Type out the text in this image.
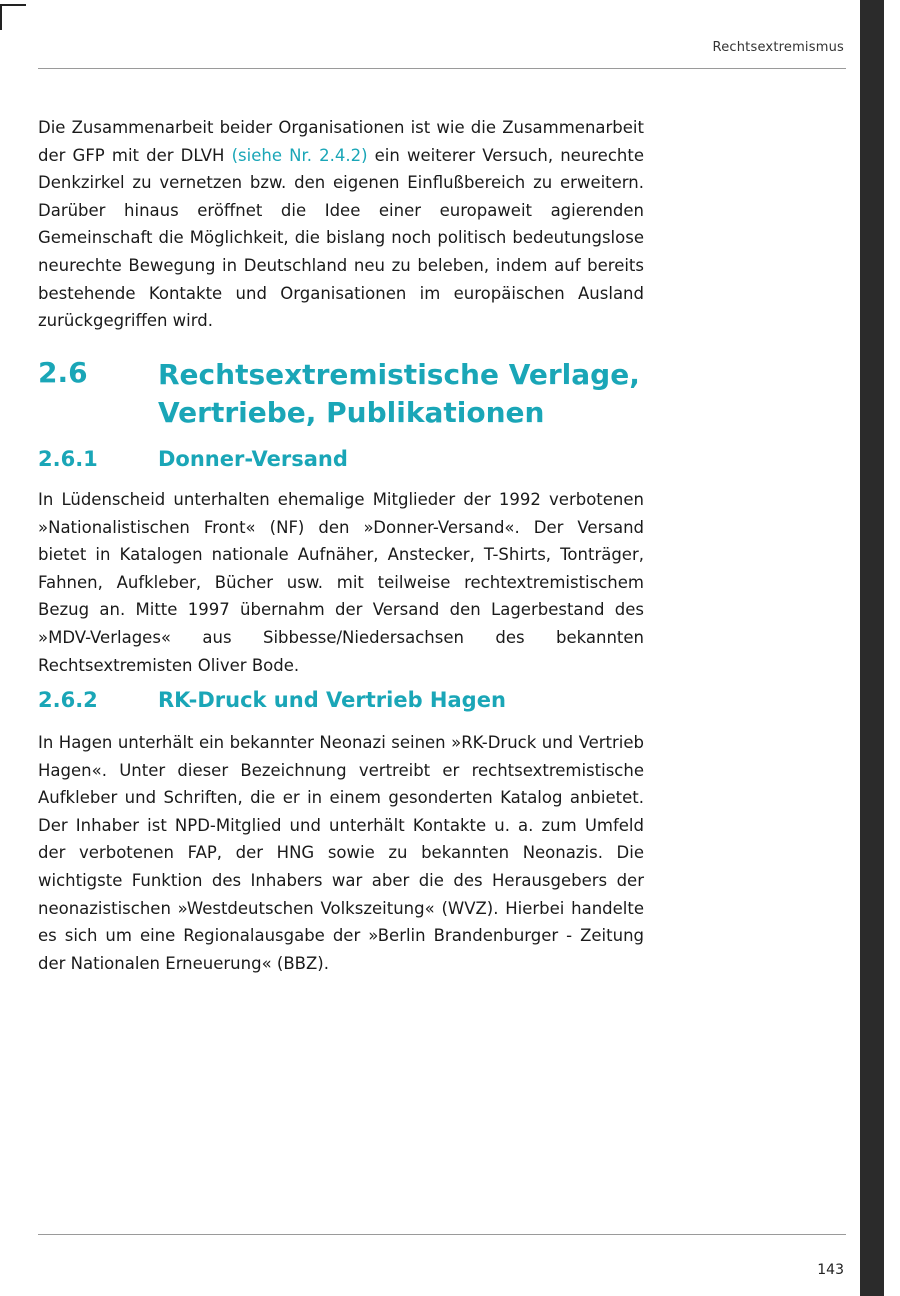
Rechtsextremismus

Die Zusammenarbeit beider Organisationen ist wie die Zusammenarbeit der GFP mit der DLVH (siehe Nr. 2.4.2) ein weiterer Versuch, neurechte Denkzirkel zu vernetzen bzw. den eigenen Einflußbereich zu erweitern. Darüber hinaus eröffnet die Idee einer europaweit agierenden Gemeinschaft die Möglichkeit, die bislang noch politisch bedeutungslose neurechte Bewegung in Deutschland neu zu beleben, indem auf bereits bestehende Kontakte und Organisationen im europäischen Ausland zurückgegriffen wird.

2.6	Rechtsextremistische Verlage, Vertriebe, Publikationen
2.6.1	Donner-Versand

In Lüdenscheid unterhalten ehemalige Mitglieder der 1992 verbotenen »Nationalistischen Front« (NF) den »Donner-Versand«. Der Versand bietet in Katalogen nationale Aufnäher, Anstecker, T-Shirts, Tonträger, Fahnen, Aufkleber, Bücher usw. mit teilweise rechtextremistischem Bezug an. Mitte 1997 übernahm der Versand den Lagerbestand des »MDV-Verlages« aus Sibbesse/Niedersachsen des bekannten Rechtsextremisten Oliver Bode.

2.6.2	RK-Druck und Vertrieb Hagen

In Hagen unterhält ein bekannter Neonazi seinen »RK-Druck und Vertrieb Hagen«. Unter dieser Bezeichnung vertreibt er rechtsextremistische Aufkleber und Schriften, die er in einem gesonderten Katalog anbietet. Der Inhaber ist NPD-Mitglied und unterhält Kontakte u. a. zum Umfeld der verbotenen FAP, der HNG sowie zu bekannten Neonazis. Die wichtigste Funktion des Inhabers war aber die des Herausgebers der neonazistischen »Westdeutschen Volkszeitung« (WVZ). Hierbei handelte es sich um eine Regionalausgabe der »Berlin Brandenburger - Zeitung der Nationalen Erneuerung« (BBZ).

143
